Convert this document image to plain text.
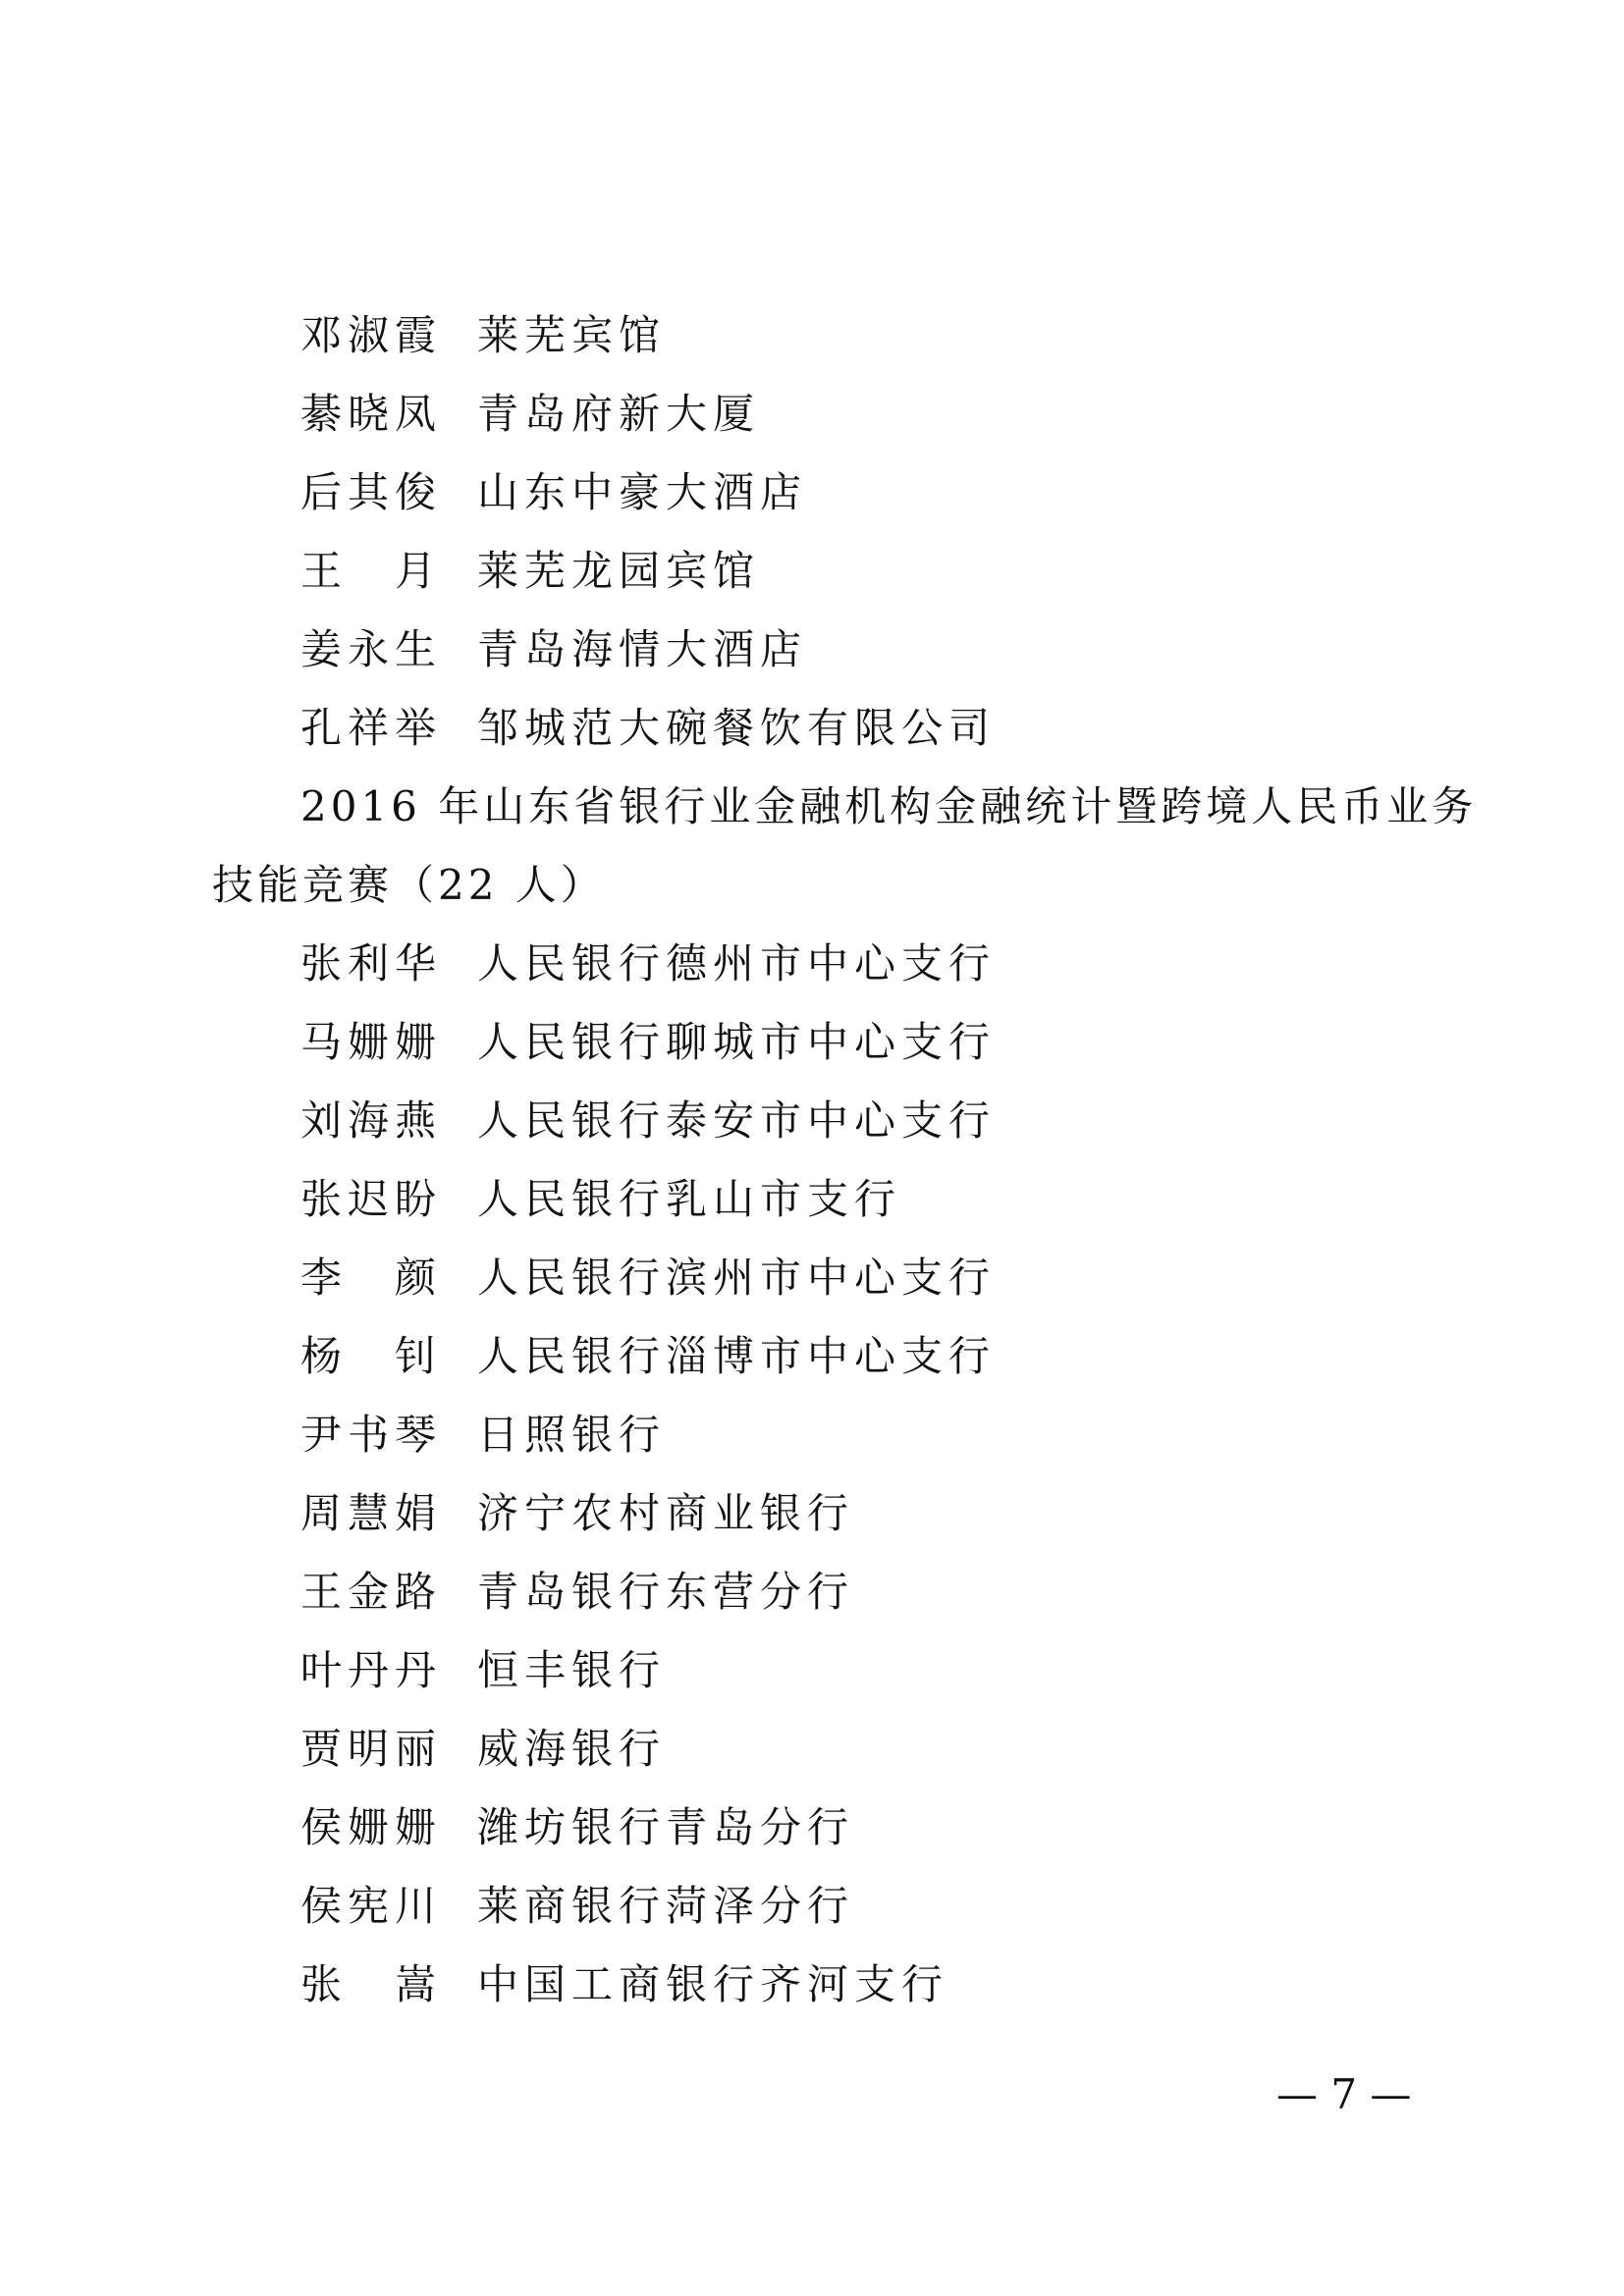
邓淑霞 莱芜宾馆
綦晓凤 青岛府新大厦
后其俊 山东中豪大酒店
王　月 莱芜龙园宾馆
姜永生 青岛海情大酒店
孔祥举 邹城范大碗餐饮有限公司
2016 年山东省银行业金融机构金融统计暨跨境人民币业务
技能竞赛（22 人）
张利华 人民银行德州市中心支行
马姗姗 人民银行聊城市中心支行
刘海燕 人民银行泰安市中心支行
张迟盼 人民银行乳山市支行
李　颜 人民银行滨州市中心支行
杨　钊 人民银行淄博市中心支行
尹书琴 日照银行
周慧娟 济宁农村商业银行
王金路 青岛银行东营分行
叶丹丹 恒丰银行
贾明丽 威海银行
侯姗姗 潍坊银行青岛分行
侯宪川 莱商银行菏泽分行
张　嵩 中国工商银行齐河支行
— 7 —
